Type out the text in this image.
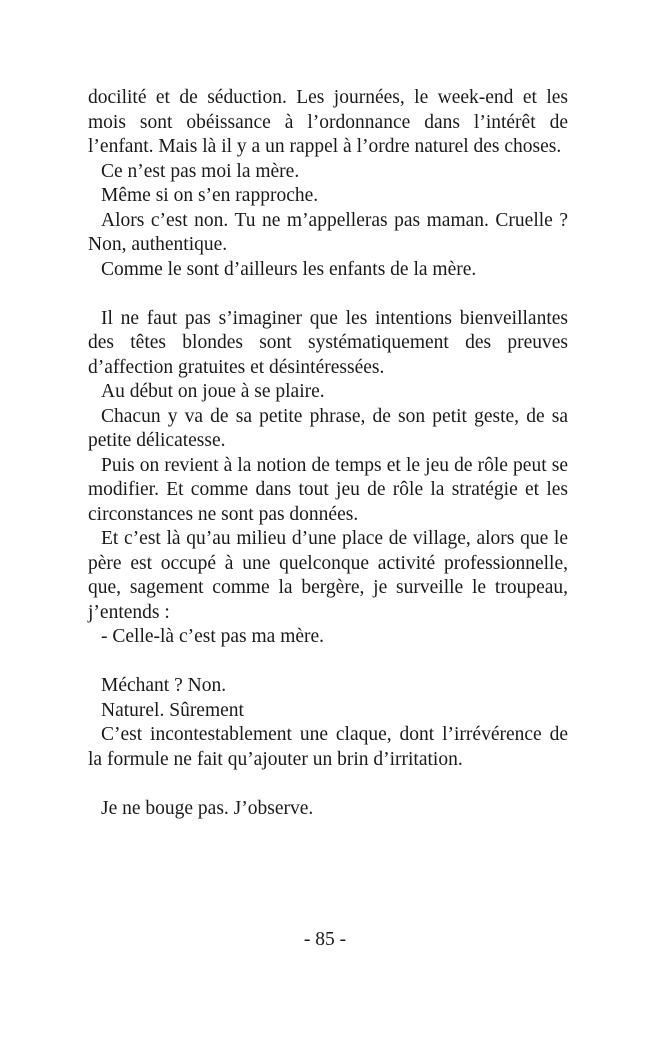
docilité et de séduction. Les journées, le week-end et les mois sont obéissance à l’ordonnance dans l’intérêt de l’enfant. Mais là il y a un rappel à l’ordre naturel des choses.

Ce n’est pas moi la mère.

Même si on s’en rapproche.

Alors c’est non. Tu ne m’appelleras pas maman. Cruelle ? Non, authentique.

Comme le sont d’ailleurs les enfants de la mère.

Il ne faut pas s’imaginer que les intentions bienveillantes des têtes blondes sont systématiquement des preuves d’affection gratuites et désintéressées.

Au début on joue à se plaire.

Chacun y va de sa petite phrase, de son petit geste, de sa petite délicatesse.

Puis on revient à la notion de temps et le jeu de rôle peut se modifier. Et comme dans tout jeu de rôle la stratégie et les circonstances ne sont pas données.

Et c’est là qu’au milieu d’une place de village, alors que le père est occupé à une quelconque activité professionnelle, que, sagement comme la bergère, je surveille le troupeau, j’entends :

- Celle-là c’est pas ma mère.

Méchant ? Non.

Naturel. Sûrement

C’est incontestablement une claque, dont l’irrévérence de la formule ne fait qu’ajouter un brin d’irritation.

Je ne bouge pas. J’observe.

- 85 -
